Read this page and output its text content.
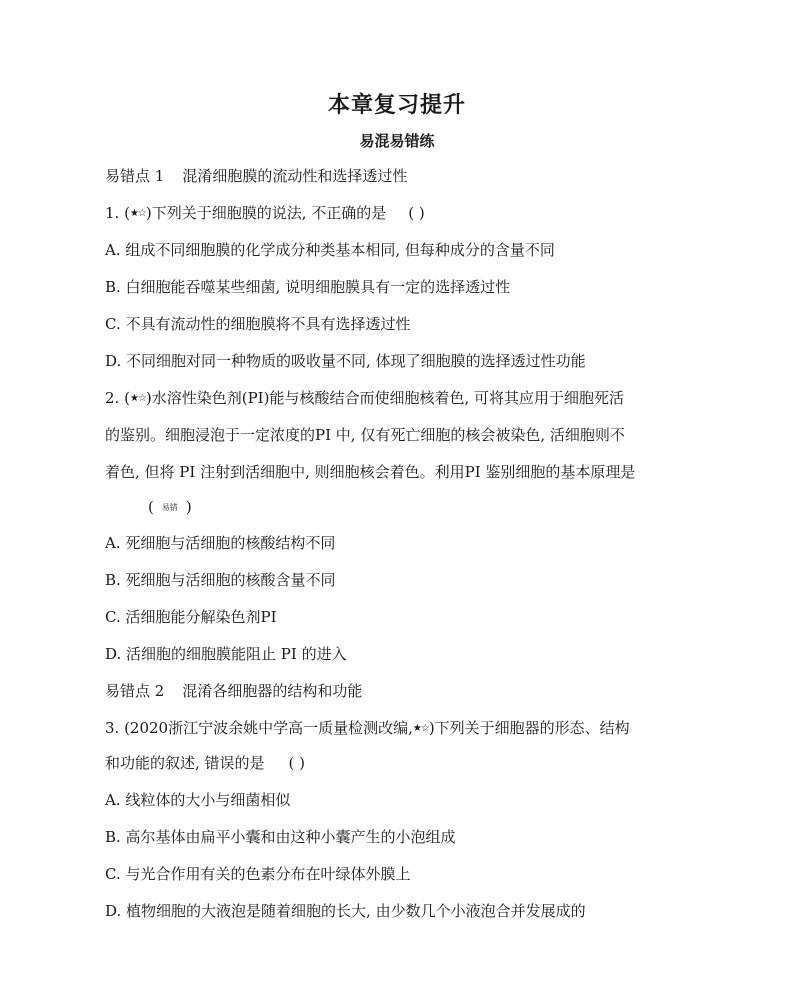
本章复习提升
易混易错练
易错点 1 混淆细胞膜的流动性和选择透过性
1. (★☆)下列关于细胞膜的说法, 不正确的是 ( )
A. 组成不同细胞膜的化学成分种类基本相同, 但每种成分的含量不同
B. 白细胞能吞噬某些细菌, 说明细胞膜具有一定的选择透过性
C. 不具有流动性的细胞膜将不具有选择透过性
D. 不同细胞对同一种物质的吸收量不同, 体现了细胞膜的选择透过性功能
2. (★☆)水溶性染色剂(PI)能与核酸结合而使细胞核着色, 可将其应用于细胞死活
的鉴别。细胞浸泡于一定浓度的PI 中, 仅有死亡细胞的核会被染色, 活细胞则不
着色, 但将 PI 注射到活细胞中, 则细胞核会着色。利用PI 鉴别细胞的基本原理是
( 易错 )
A. 死细胞与活细胞的核酸结构不同
B. 死细胞与活细胞的核酸含量不同
C. 活细胞能分解染色剂PI
D. 活细胞的细胞膜能阻止 PI 的进入
易错点 2 混淆各细胞器的结构和功能
3. (2020浙江宁波余姚中学高一质量检测改编,★☆)下列关于细胞器的形态、结构
和功能的叙述, 错误的是 ( )
A. 线粒体的大小与细菌相似
B. 高尔基体由扁平小囊和由这种小囊产生的小泡组成
C. 与光合作用有关的色素分布在叶绿体外膜上
D. 植物细胞的大液泡是随着细胞的长大, 由少数几个小液泡合并发展成的
